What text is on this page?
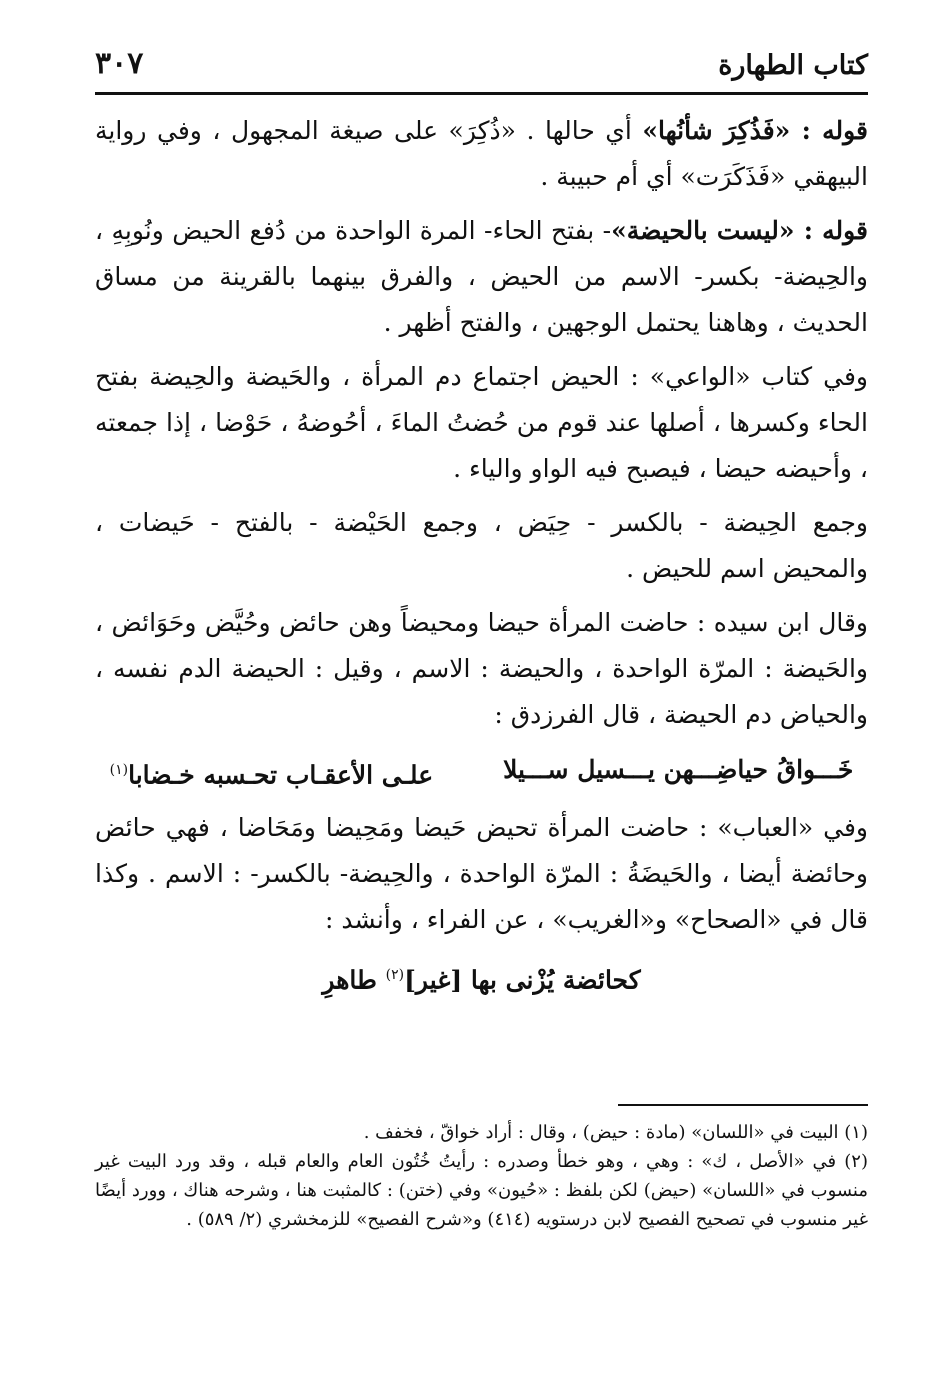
كتاب الطهارة
٣٠٧

قوله : «فَذُكِرَ شأنُها» أي حالها . «ذُكِرَ» على صيغة المجهول ، وفي رواية البيهقي «فَذَكَرَت» أي أم حبيبة .

قوله : «ليست بالحيضة»- بفتح الحاء- المرة الواحدة من دُفع الحيض ونُوبِهِ ، والحِيضة- بكسر- الاسم من الحيض ، والفرق بينهما بالقرينة من مساق الحديث ، وهاهنا يحتمل الوجهين ، والفتح أظهر .

وفي كتاب «الواعي» : الحيض اجتماع دم المرأة ، والحَيضة والحِيضة بفتح الحاء وكسرها ، أصلها عند قوم من حُضتُ الماءَ ، أحُوضهُ ، حَوْضا ، إذا جمعته ، وأحيضه حيضا ، فيصبح فيه الواو والياء .

وجمع الحِيضة - بالكسر - حِيَض ، وجمع الحَيْضة - بالفتح - حَيضات ، والمحيض اسم للحيض .

وقال ابن سيده : حاضت المرأة حيضا ومحيضاً وهن حائض وحُيَّض وحَوَائض ، والحَيضة : المرّة الواحدة ، والحيضة : الاسم ، وقيل : الحيضة الدم نفسه ، والحياض دم الحيضة ، قال الفرزدق :

خَـــواقُ حياضِـــهن يـــسيل ســـيلا
علـى الأعقـاب تحـسبه خـضابا$^{(١)}$

وفي «العباب» : حاضت المرأة تحيض حَيضا ومَحِيضا ومَحَاضا ، فهي حائض وحائضة أيضا ، والحَيضَةُ : المرّة الواحدة ، والحِيضة- بالكسر- : الاسم . وكذا قال في «الصحاح» و«الغريب» ، عن الفراء ، وأنشد :

كحائضة يُزْنى بها [غير]$^{(٢)}$ طاهرِ

(١) البيت في «اللسان» (مادة : حيض) ، وقال : أراد خواقّ ، فخفف .

(٢) في «الأصل ، ك» : وهي ، وهو خطأ وصدره : رأيتُ خُتُون العام والعام قبله ، وقد ورد البيت غير منسوب في «اللسان» (حيض) لكن بلفظ : «حُيون» وفي (ختن) : كالمثبت هنا ، وشرحه هناك ، وورد أيضًا غير منسوب في تصحيح الفصيح لابن درستويه (٤١٤) و«شرح الفصيح» للزمخشري (٢/ ٥٨٩) .
